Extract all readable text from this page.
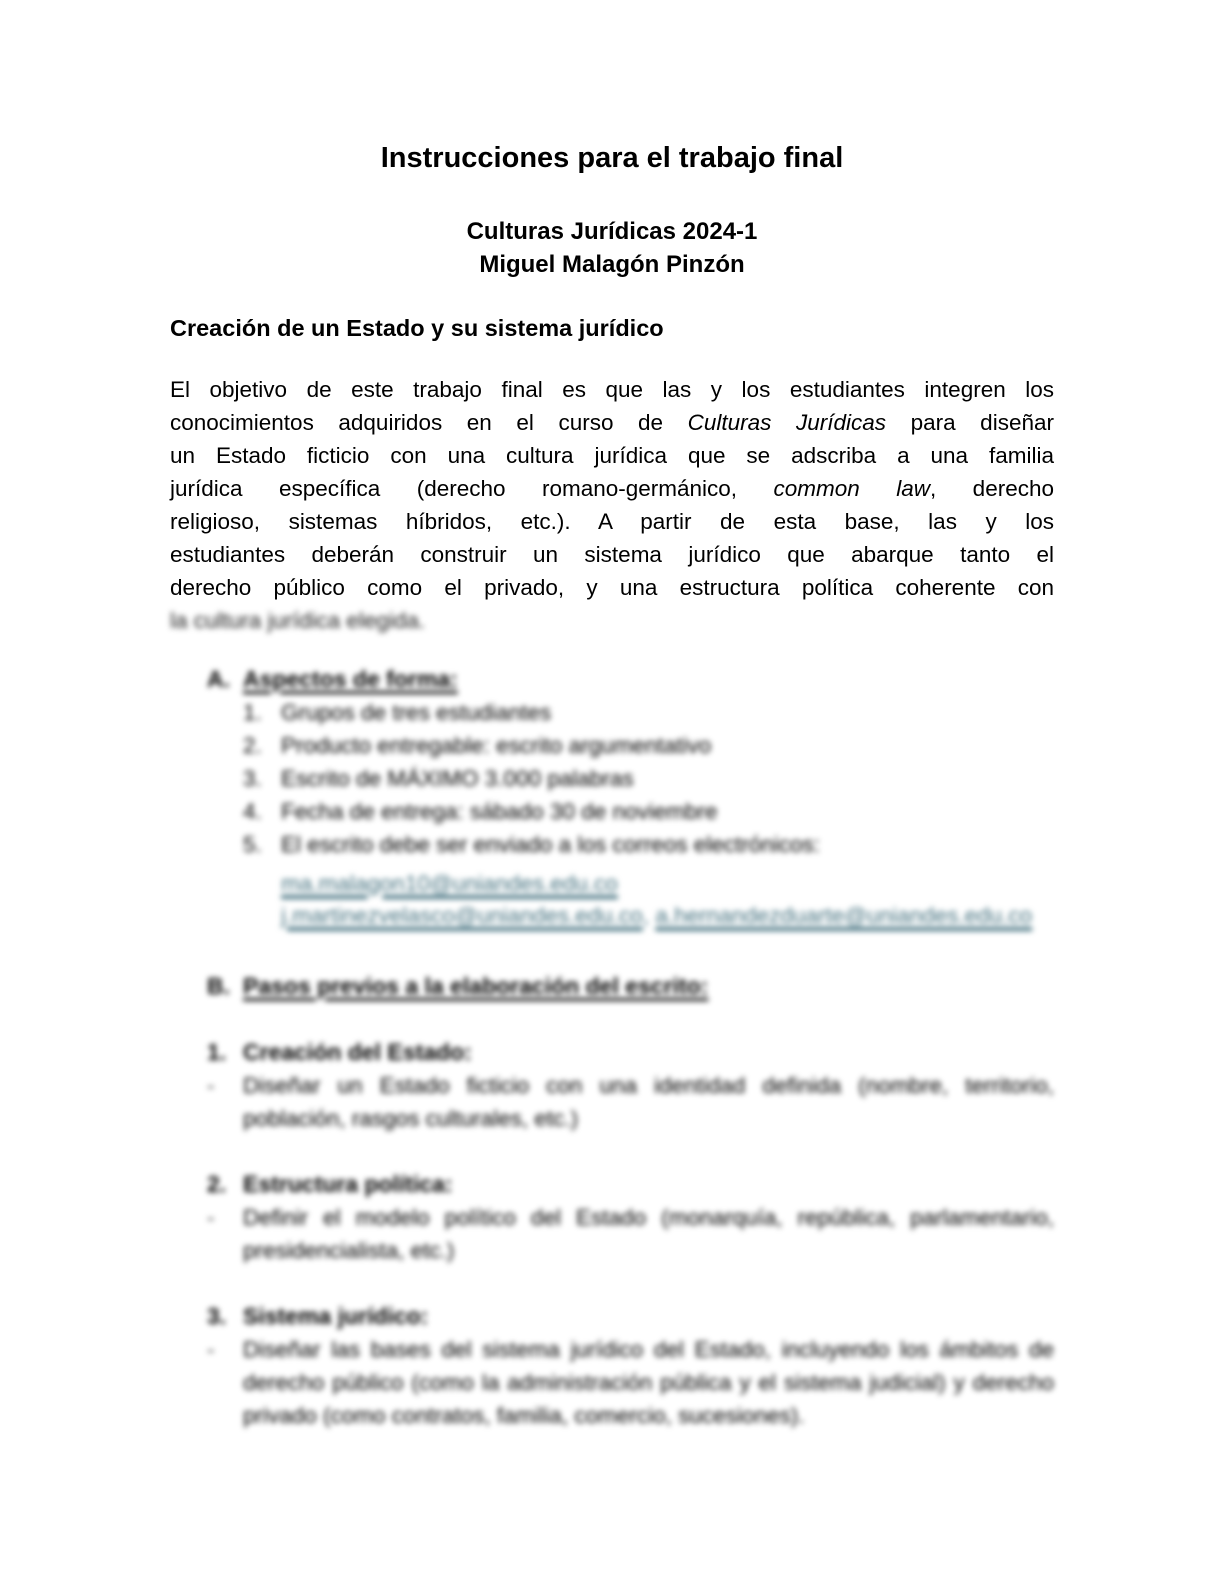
Instrucciones para el trabajo final
Culturas Jurídicas 2024-1
Miguel Malagón Pinzón
Creación de un Estado y su sistema jurídico
El objetivo de este trabajo final es que las y los estudiantes integren los
conocimientos adquiridos en el curso de Culturas Jurídicas para diseñar
un Estado ficticio con una cultura jurídica que se adscriba a una familia
jurídica específica (derecho romano-germánico, common law, derecho
religioso, sistemas híbridos, etc.). A partir de esta base, las y los
estudiantes deberán construir un sistema jurídico que abarque tanto el
derecho público como el privado, y una estructura política coherente con
la cultura jurídica elegida.
A. Aspectos de forma:
1. Grupos de tres estudiantes
2. Producto entregable: escrito argumentativo
3. Escrito de MÁXIMO 3.000 palabras
4. Fecha de entrega: sábado 30 de noviembre
5. El escrito debe ser enviado a los correos electrónicos:
ma.malagon10@uniandes.edu.co
j.martinezvelasco@uniandes.edu.co, a.hernandezduarte@uniandes.edu.co
B. Pasos previos a la elaboración del escrito:
1. Creación del Estado:
-	Diseñar un Estado ficticio con una identidad definida (nombre, territorio, población, rasgos culturales, etc.)
2. Estructura política:
-	Definir el modelo político del Estado (monarquía, república, parlamentario, presidencialista, etc.)
3. Sistema jurídico:
-	Diseñar las bases del sistema jurídico del Estado, incluyendo los ámbitos de derecho público (como la administración pública y el sistema judicial) y derecho privado (como contratos, familia, comercio, sucesiones).
